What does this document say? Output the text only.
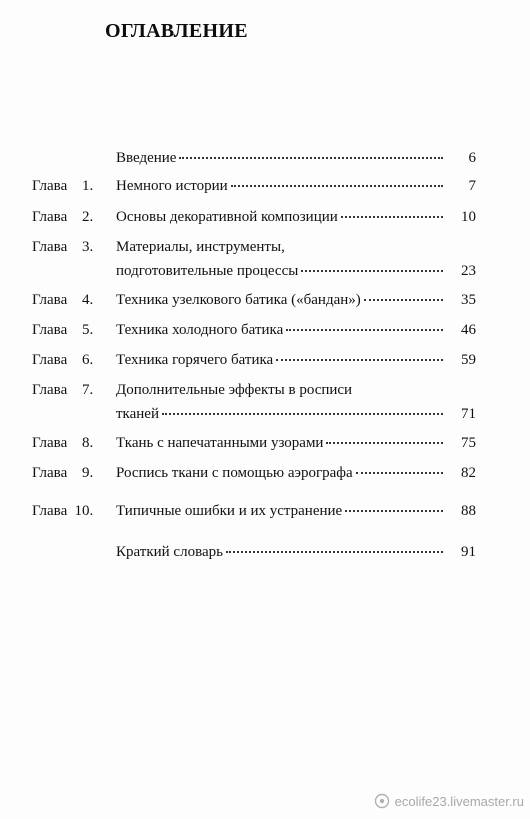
ОГЛАВЛЕНИЕ
Введение	6
Глава 1. Немного истории	7
Глава 2. Основы декоративной композиции	10
Глава 3. Материалы, инструменты,
подготовительные процессы	23
Глава 4. Техника узелкового батика («бандан»)	35
Глава 5. Техника холодного батика	46
Глава 6. Техника горячего батика	59
Глава 7. Дополнительные эффекты в росписи
тканей	71
Глава 8. Ткань с напечатанными узорами	75
Глава 9. Роспись ткани с помощью аэрографа	82
Глава 10. Типичные ошибки и их устранение	88
Краткий словарь	91
ecolife23.livemaster.ru
